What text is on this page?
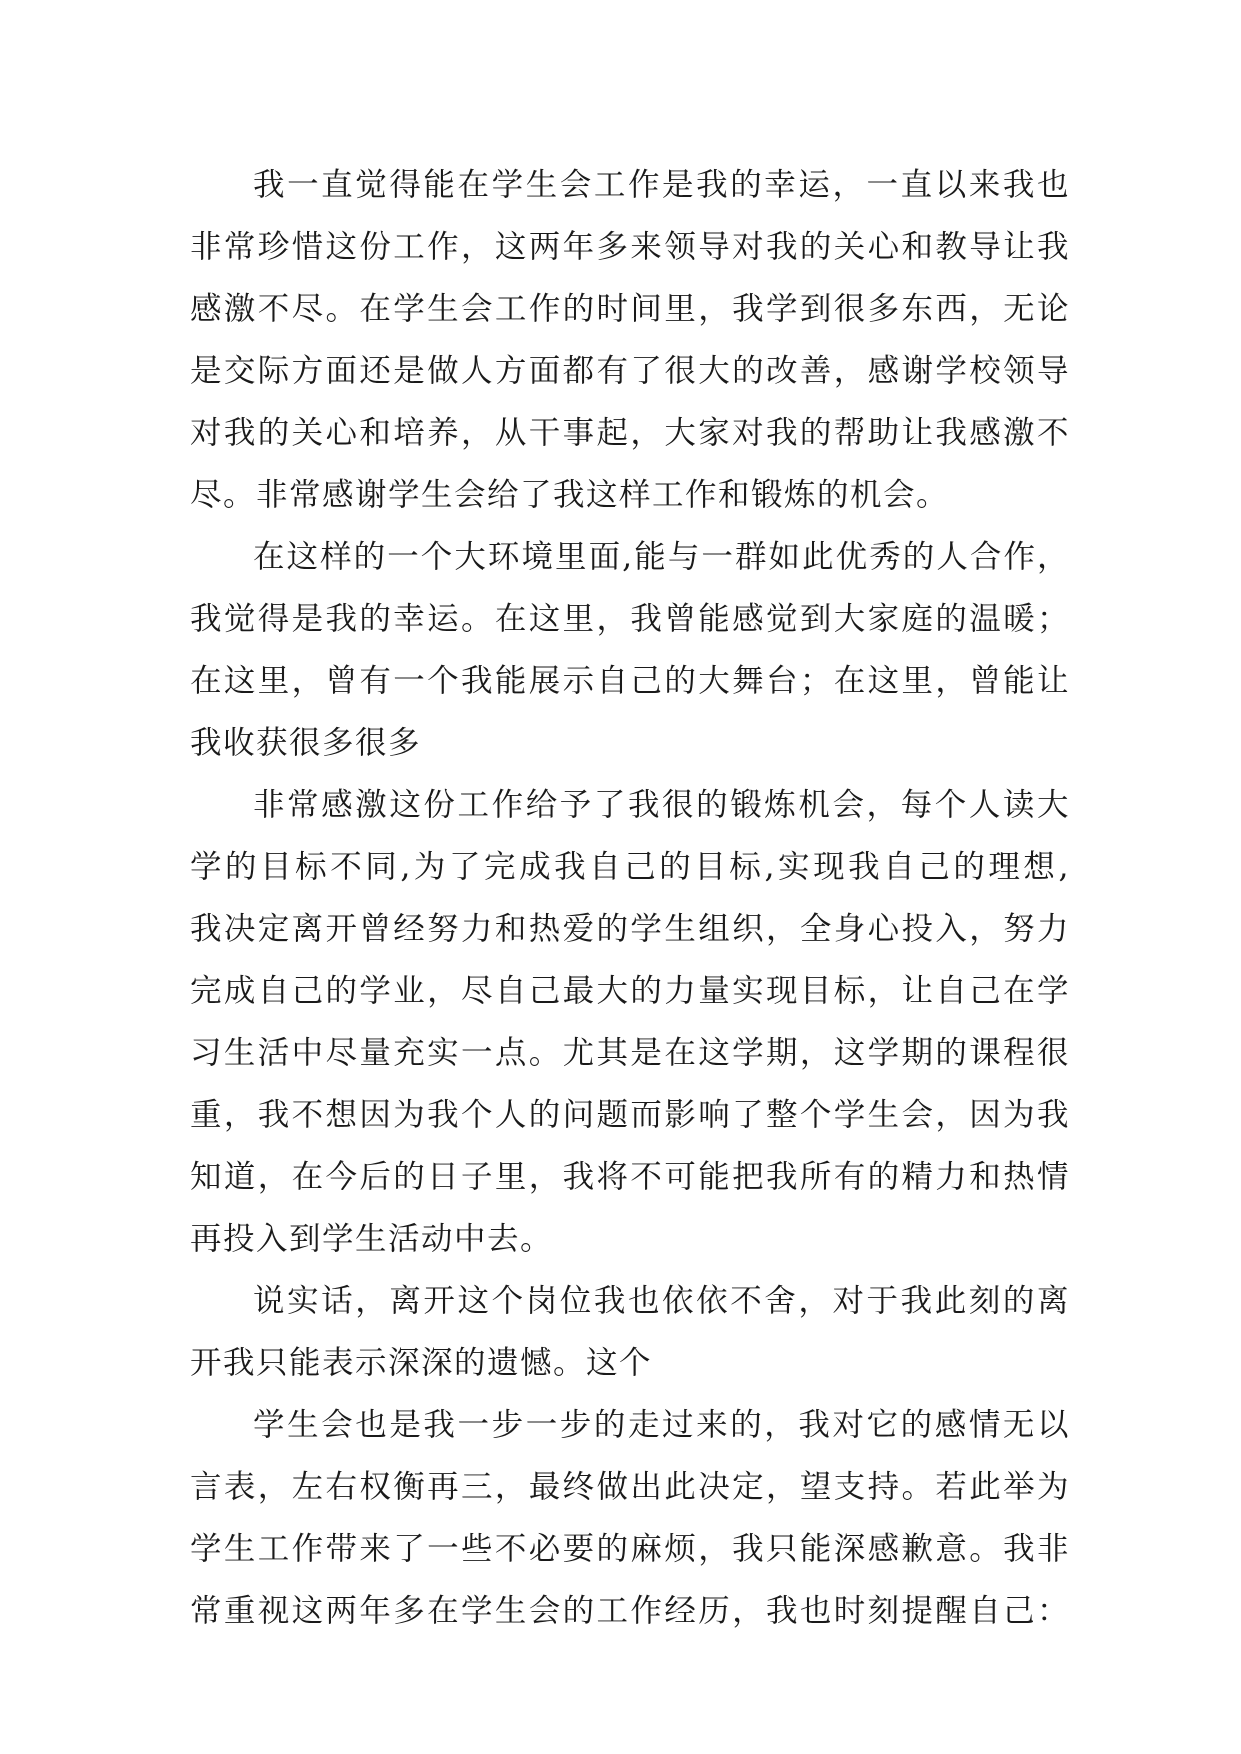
我一直觉得能在学生会工作是我的幸运，一直以来我也
非常珍惜这份工作，这两年多来领导对我的关心和教导让我
感激不尽。在学生会工作的时间里，我学到很多东西，无论
是交际方面还是做人方面都有了很大的改善，感谢学校领导
对我的关心和培养，从干事起，大家对我的帮助让我感激不
尽。非常感谢学生会给了我这样工作和锻炼的机会。
在这样的一个大环境里面,能与一群如此优秀的人合作，
我觉得是我的幸运。在这里，我曾能感觉到大家庭的温暖；
在这里，曾有一个我能展示自己的大舞台；在这里，曾能让
我收获很多很多
非常感激这份工作给予了我很的锻炼机会，每个人读大
学的目标不同,为了完成我自己的目标,实现我自己的理想,
我决定离开曾经努力和热爱的学生组织，全身心投入，努力
完成自己的学业，尽自己最大的力量实现目标，让自己在学
习生活中尽量充实一点。尤其是在这学期，这学期的课程很
重，我不想因为我个人的问题而影响了整个学生会，因为我
知道，在今后的日子里，我将不可能把我所有的精力和热情
再投入到学生活动中去。
说实话，离开这个岗位我也依依不舍，对于我此刻的离
开我只能表示深深的遗憾。这个
学生会也是我一步一步的走过来的，我对它的感情无以
言表，左右权衡再三，最终做出此决定，望支持。若此举为
学生工作带来了一些不必要的麻烦，我只能深感歉意。我非
常重视这两年多在学生会的工作经历，我也时刻提醒自己：
